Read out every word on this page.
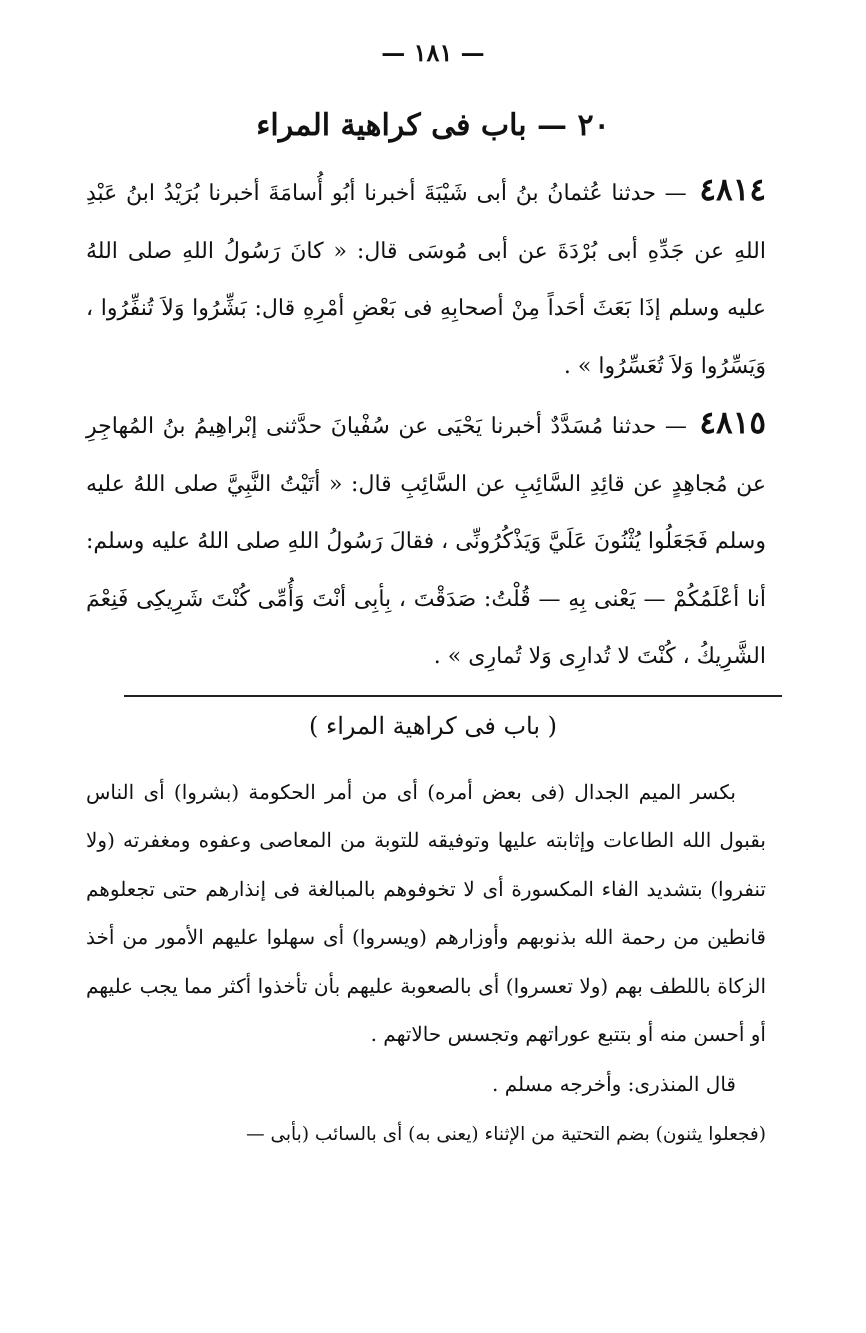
— ١٨١ —
٢٠ — باب فى كراهية المراء

٤٨١٤ — حدثنا عُثمانُ بنُ أبى شَيْبَةَ أخبرنا أبُو أُسامَةَ أخبرنا بُرَيْدُ ابنُ عَبْدِ اللهِ عن جَدِّهِ أبى بُرْدَةَ عن أبى مُوسَى قال: « كانَ رَسُولُ اللهِ صلى اللهُ عليه وسلم إذَا بَعَثَ أحَداً مِنْ أصحابِهِ فى بَعْضِ أمْرِهِ قال: بَشِّرُوا وَلاَ تُنفِّرُوا ، وَيَسِّرُوا وَلاَ تُعَسِّرُوا » .

٤٨١٥ — حدثنا مُسَدَّدٌ أخبرنا يَحْيَى عن سُفْيانَ حدَّثنى إبْراهِيمُ بنُ المُهاجِرِ عن مُجاهِدٍ عن قائِدِ السَّائِبِ عن السَّائِبِ قال: « أتَيْتُ النَّبِيَّ صلى اللهُ عليه وسلم فَجَعَلُوا يُثْنُونَ عَلَيَّ وَيَذْكُرُونِّى ، فقالَ رَسُولُ اللهِ صلى اللهُ عليه وسلم: أنا أعْلَمُكُمْ — يَعْنى بِهِ — قُلْتُ: صَدَقْتَ ، بِأبِى أنْتَ وَأُمِّى كُنْتَ شَرِيكِى فَنِعْمَ الشَّرِيكُ ، كُنْتَ لا تُدارِى وَلا تُمارِى » .

( باب فى كراهية المراء )

بكسر الميم الجدال (فى بعض أمره) أى من أمر الحكومة (بشروا) أى الناس بقبول الله الطاعات وإثابته عليها وتوفيقه للتوبة من المعاصى وعفوه ومغفرته (ولا تنفروا) بتشديد الفاء المكسورة أى لا تخوفوهم بالمبالغة فى إنذارهم حتى تجعلوهم قانطين من رحمة الله بذنوبهم وأوزارهم (ويسروا) أى سهلوا عليهم الأمور من أخذ الزكاة باللطف بهم (ولا تعسروا) أى بالصعوبة عليهم بأن تأخذوا أكثر مما يجب عليهم أو أحسن منه أو بتتبع عوراتهم وتجسس حالاتهم .

قال المنذرى: وأخرجه مسلم .

(فجعلوا يثنون) بضم التحتية من الإثناء (يعنى به) أى بالسائب (بأبى —
